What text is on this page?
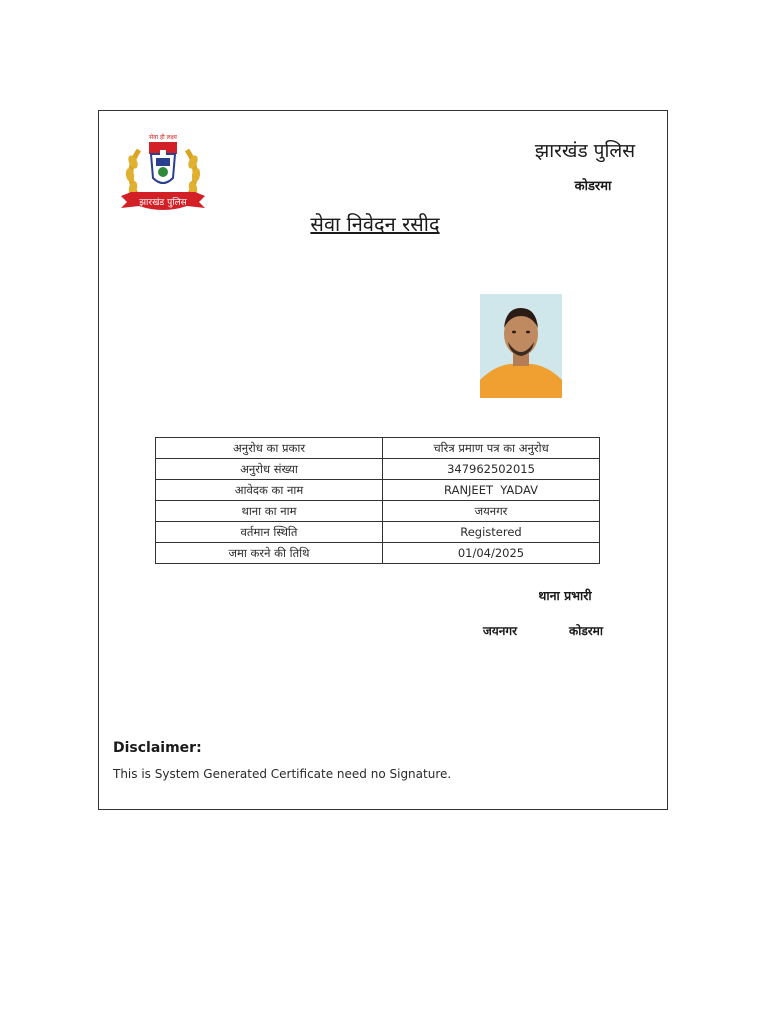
सेवा ही लक्ष्य
झारखंड पुलिस
झारखंड पुलिस
कोडरमा
सेवा निवेदन रसीद
अनुरोध का प्रकार	चरित्र प्रमाण पत्र का अनुरोध
अनुरोध संख्या	347962502015
आवेदक का नाम	RANJEET  YADAV
थाना का नाम	जयनगर
वर्तमान स्थिति	Registered
जमा करने की तिथि	01/04/2025
थाना प्रभारी
जयनगर	कोडरमा
Disclaimer:
This is System Generated Certificate need no Signature.
